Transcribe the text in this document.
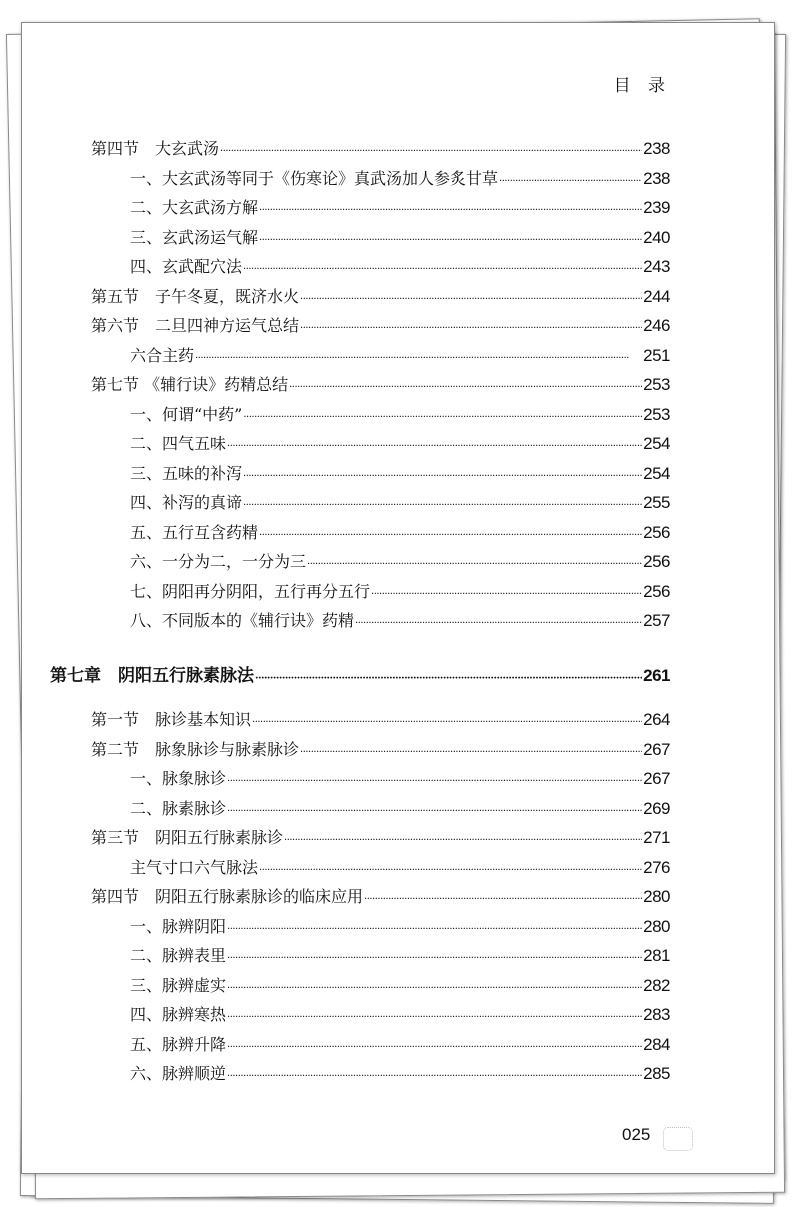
目 录
第四节　大玄武汤 ·····	238
一、大玄武汤等同于《伤寒论》真武汤加人参炙甘草 ·····	238
二、大玄武汤方解 ·····	239
三、玄武汤运气解 ·····	240
四、玄武配穴法 ·····	243
第五节　子午冬夏，既济水火 ·····	244
第六节　二旦四神方运气总结 ·····	246
六合主药 ·····	251
第七节 《辅行诀》药精总结 ·····	253
一、何谓“中药” ·····	253
二、四气五味 ·····	254
三、五味的补泻 ·····	254
四、补泻的真谛 ·····	255
五、五行互含药精 ·····	256
六、一分为二，一分为三 ·····	256
七、阴阳再分阴阳，五行再分五行 ·····	256
八、不同版本的《辅行诀》药精 ·····	257
第七章　阴阳五行脉素脉法 ·····	261
第一节　脉诊基本知识 ·····	264
第二节　脉象脉诊与脉素脉诊 ·····	267
一、脉象脉诊 ·····	267
二、脉素脉诊 ·····	269
第三节　阴阳五行脉素脉诊 ·····	271
主气寸口六气脉法 ·····	276
第四节　阴阳五行脉素脉诊的临床应用 ·····	280
一、脉辨阴阳 ·····	280
二、脉辨表里 ·····	281
三、脉辨虚实 ·····	282
四、脉辨寒热 ·····	283
五、脉辨升降 ·····	284
六、脉辨顺逆 ·····	285
025
